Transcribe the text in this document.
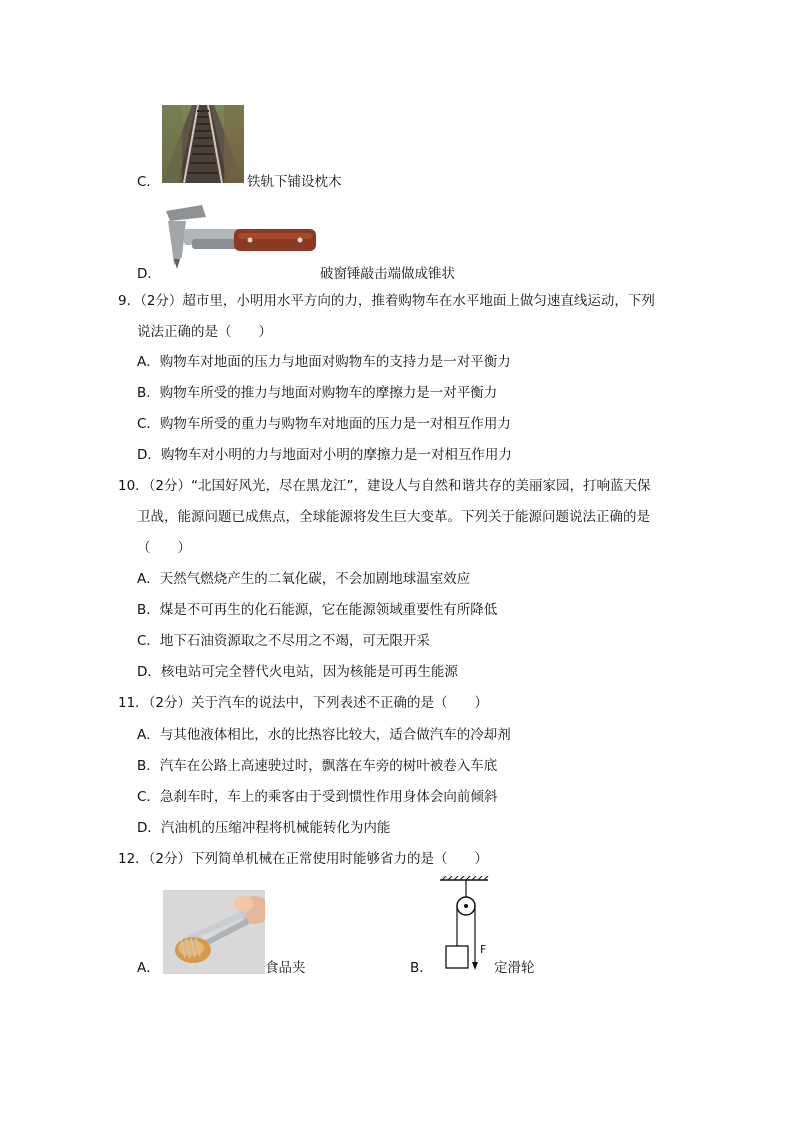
C．	铁轨下铺设枕木
D．	破窗锤敲击端做成锥状
9．（2分）超市里，小明用水平方向的力，推着购物车在水平地面上做匀速直线运动，下列
说法正确的是（　　）
A．购物车对地面的压力与地面对购物车的支持力是一对平衡力
B．购物车所受的推力与地面对购物车的摩擦力是一对平衡力
C．购物车所受的重力与购物车对地面的压力是一对相互作用力
D．购物车对小明的力与地面对小明的摩擦力是一对相互作用力
10．（2分）“北国好风光，尽在黑龙江”，建设人与自然和谐共存的美丽家园，打响蓝天保
卫战，能源问题已成焦点，全球能源将发生巨大变革。下列关于能源问题说法正确的是
（　　）
A．天然气燃烧产生的二氧化碳，不会加剧地球温室效应
B．煤是不可再生的化石能源，它在能源领域重要性有所降低
C．地下石油资源取之不尽用之不竭，可无限开采
D．核电站可完全替代火电站，因为核能是可再生能源
11．（2分）关于汽车的说法中，下列表述不正确的是（　　）
A．与其他液体相比，水的比热容比较大，适合做汽车的冷却剂
B．汽车在公路上高速驶过时，飘落在车旁的树叶被卷入车底
C．急刹车时，车上的乘客由于受到惯性作用身体会向前倾斜
D．汽油机的压缩冲程将机械能转化为内能
12．（2分）下列简单机械在正常使用时能够省力的是（　　）
A．	食品夹	B．
F
定滑轮
